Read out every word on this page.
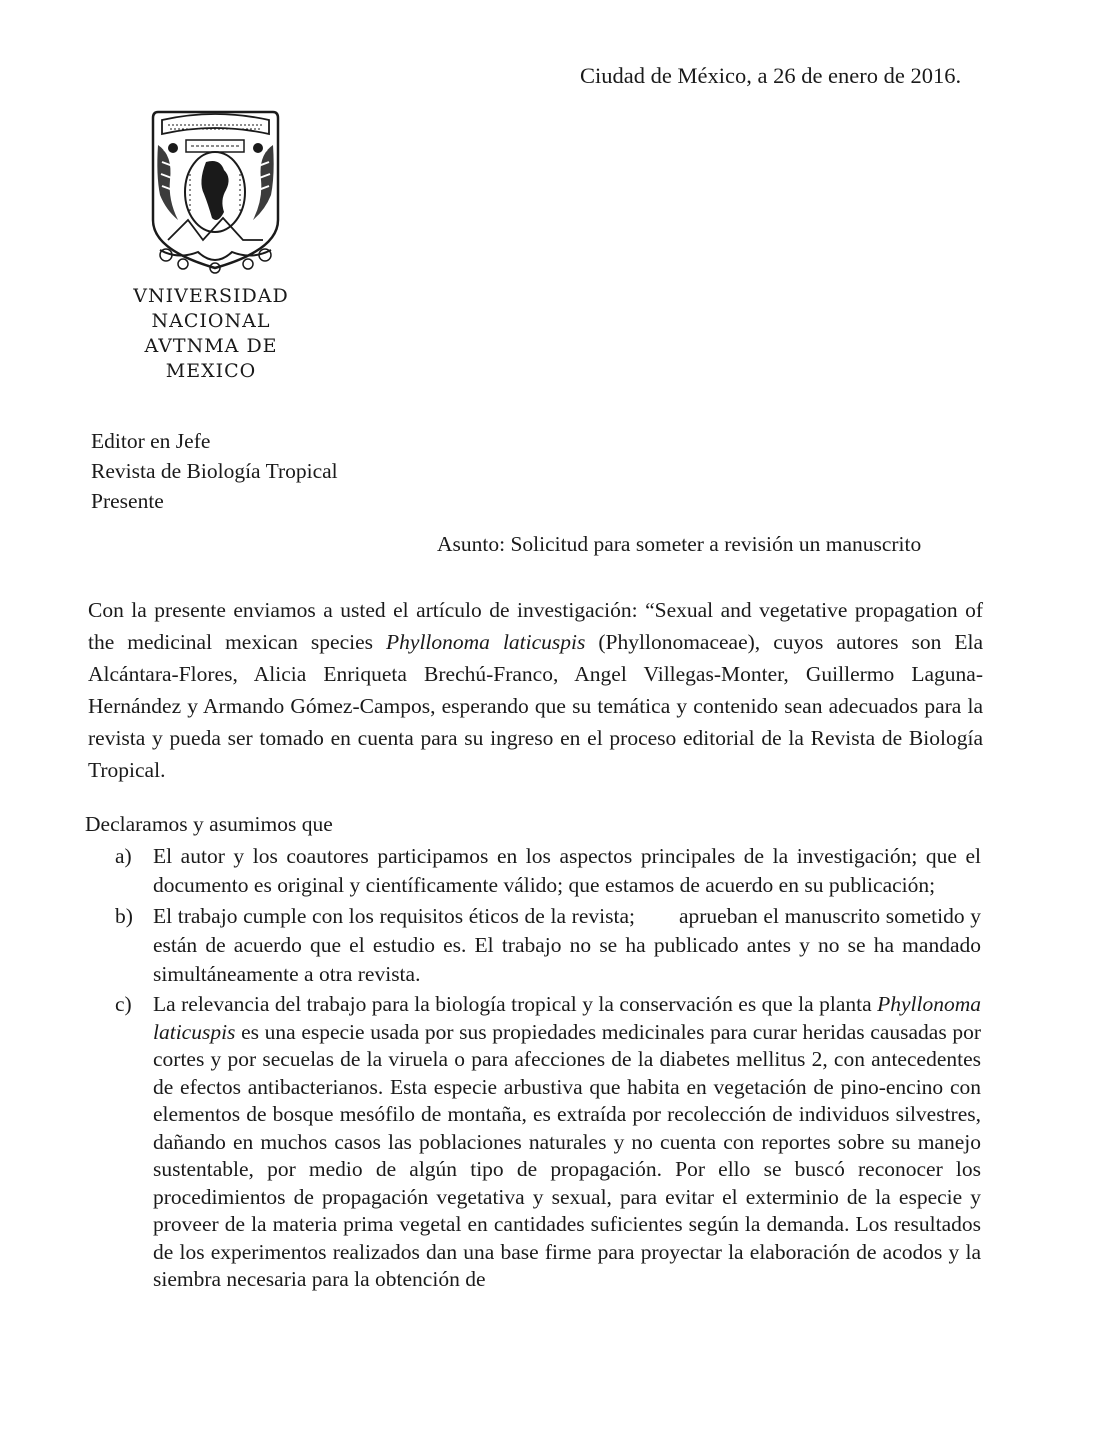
Ciudad de México, a 26 de enero de 2016.
VNIVERSIDAD NACIONAL
AVTNMA DE
MEXICO
Editor en Jefe
Revista de Biología Tropical
Presente
Asunto: Solicitud para someter a revisión un manuscrito
Con la presente enviamos a usted el artículo de investigación: “Sexual and vegetative propagation of the medicinal mexican species Phyllonoma laticuspis (Phyllonomaceae), cuyos autores son Ela Alcántara-Flores, Alicia Enriqueta Brechú-Franco, Angel Villegas-Monter, Guillermo Laguna-Hernández y Armando Gómez-Campos, esperando que su temática y contenido sean adecuados para la revista y pueda ser tomado en cuenta para su ingreso en el proceso editorial de la Revista de Biología Tropical.
Declaramos y asumimos que
a) El autor y los coautores participamos en los aspectos principales de la investigación; que el documento es original y científicamente válido; que estamos de acuerdo en su publicación;
b) El trabajo cumple con los requisitos éticos de la revista; aprueban el manuscrito sometido y están de acuerdo que el estudio es. El trabajo no se ha publicado antes y no se ha mandado simultáneamente a otra revista.
c) La relevancia del trabajo para la biología tropical y la conservación es que la planta Phyllonoma laticuspis es una especie usada por sus propiedades medicinales para curar heridas causadas por cortes y por secuelas de la viruela o para afecciones de la diabetes mellitus 2, con antecedentes de efectos antibacterianos. Esta especie arbustiva que habita en vegetación de pino-encino con elementos de bosque mesófilo de montaña, es extraída por recolección de individuos silvestres, dañando en muchos casos las poblaciones naturales y no cuenta con reportes sobre su manejo sustentable, por medio de algún tipo de propagación. Por ello se buscó reconocer los procedimientos de propagación vegetativa y sexual, para evitar el exterminio de la especie y proveer de la materia prima vegetal en cantidades suficientes según la demanda. Los resultados de los experimentos realizados dan una base firme para proyectar la elaboración de acodos y la siembra necesaria para la obtención de
